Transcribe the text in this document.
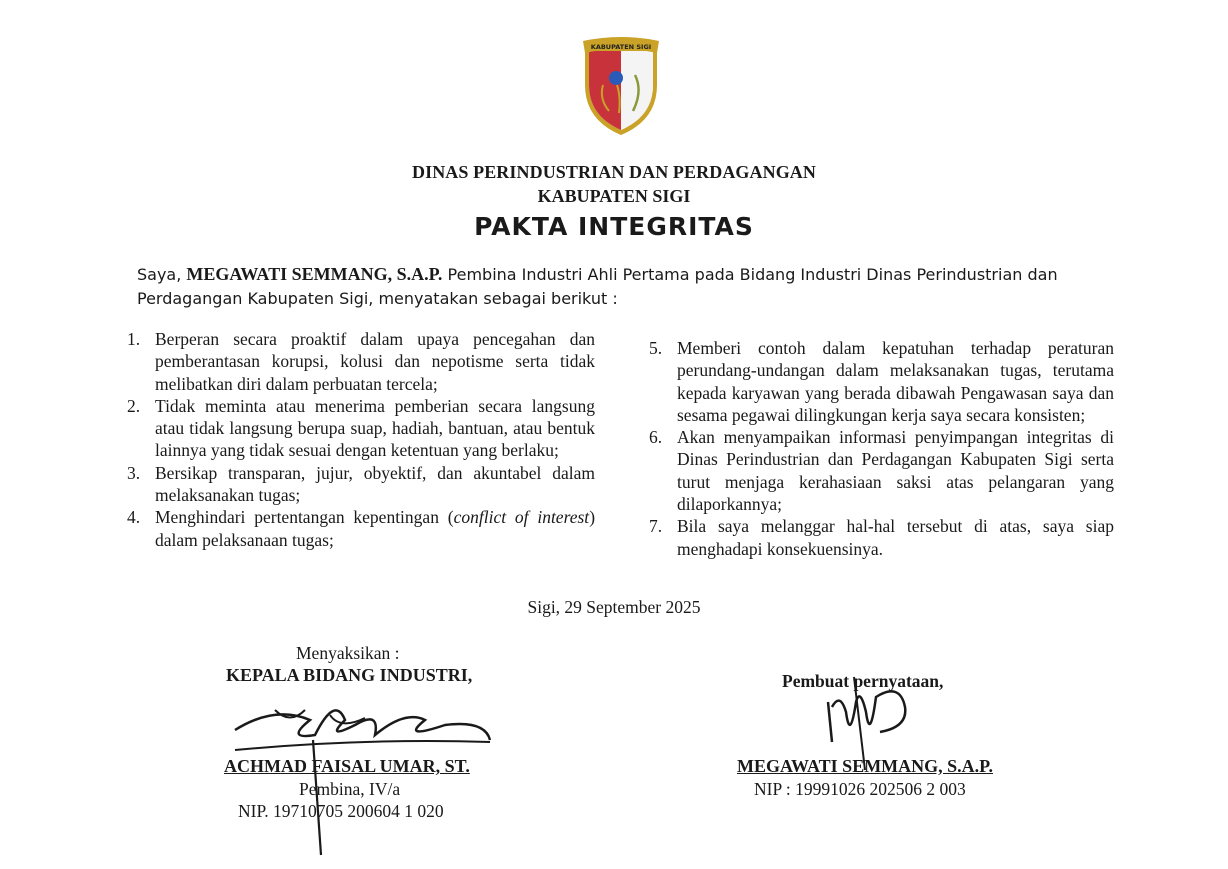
KABUPATEN SIGI
DINAS PERINDUSTRIAN DAN PERDAGANGAN
KABUPATEN SIGI
PAKTA INTEGRITAS
Saya, MEGAWATI SEMMANG, S.A.P. Pembina Industri Ahli Pertama pada Bidang Industri Dinas Perindustrian dan Perdagangan Kabupaten Sigi, menyatakan sebagai berikut :
1. Berperan secara proaktif dalam upaya pencegahan dan pemberantasan korupsi, kolusi dan nepotisme serta tidak melibatkan diri dalam perbuatan tercela;
2. Tidak meminta atau menerima pemberian secara langsung atau tidak langsung berupa suap, hadiah, bantuan, atau bentuk lainnya yang tidak sesuai dengan ketentuan yang berlaku;
3. Bersikap transparan, jujur, obyektif, dan akuntabel dalam melaksanakan tugas;
4. Menghindari pertentangan kepentingan (conflict of interest) dalam pelaksanaan tugas;
5. Memberi contoh dalam kepatuhan terhadap peraturan perundang-undangan dalam melaksanakan tugas, terutama kepada karyawan yang berada dibawah Pengawasan saya dan sesama pegawai dilingkungan kerja saya secara konsisten;
6. Akan menyampaikan informasi penyimpangan integritas di Dinas Perindustrian dan Perdagangan Kabupaten Sigi serta turut menjaga kerahasiaan saksi atas pelangaran yang dilaporkannya;
7. Bila saya melanggar hal-hal tersebut di atas, saya siap menghadapi konsekuensinya.
Sigi, 29 September 2025
Menyaksikan :
KEPALA BIDANG INDUSTRI,
ACHMAD FAISAL UMAR, ST.
Pembina, IV/a
NIP. 19710705 200604 1 020
Pembuat pernyataan,
MEGAWATI SEMMANG, S.A.P.
NIP : 19991026 202506 2 003
